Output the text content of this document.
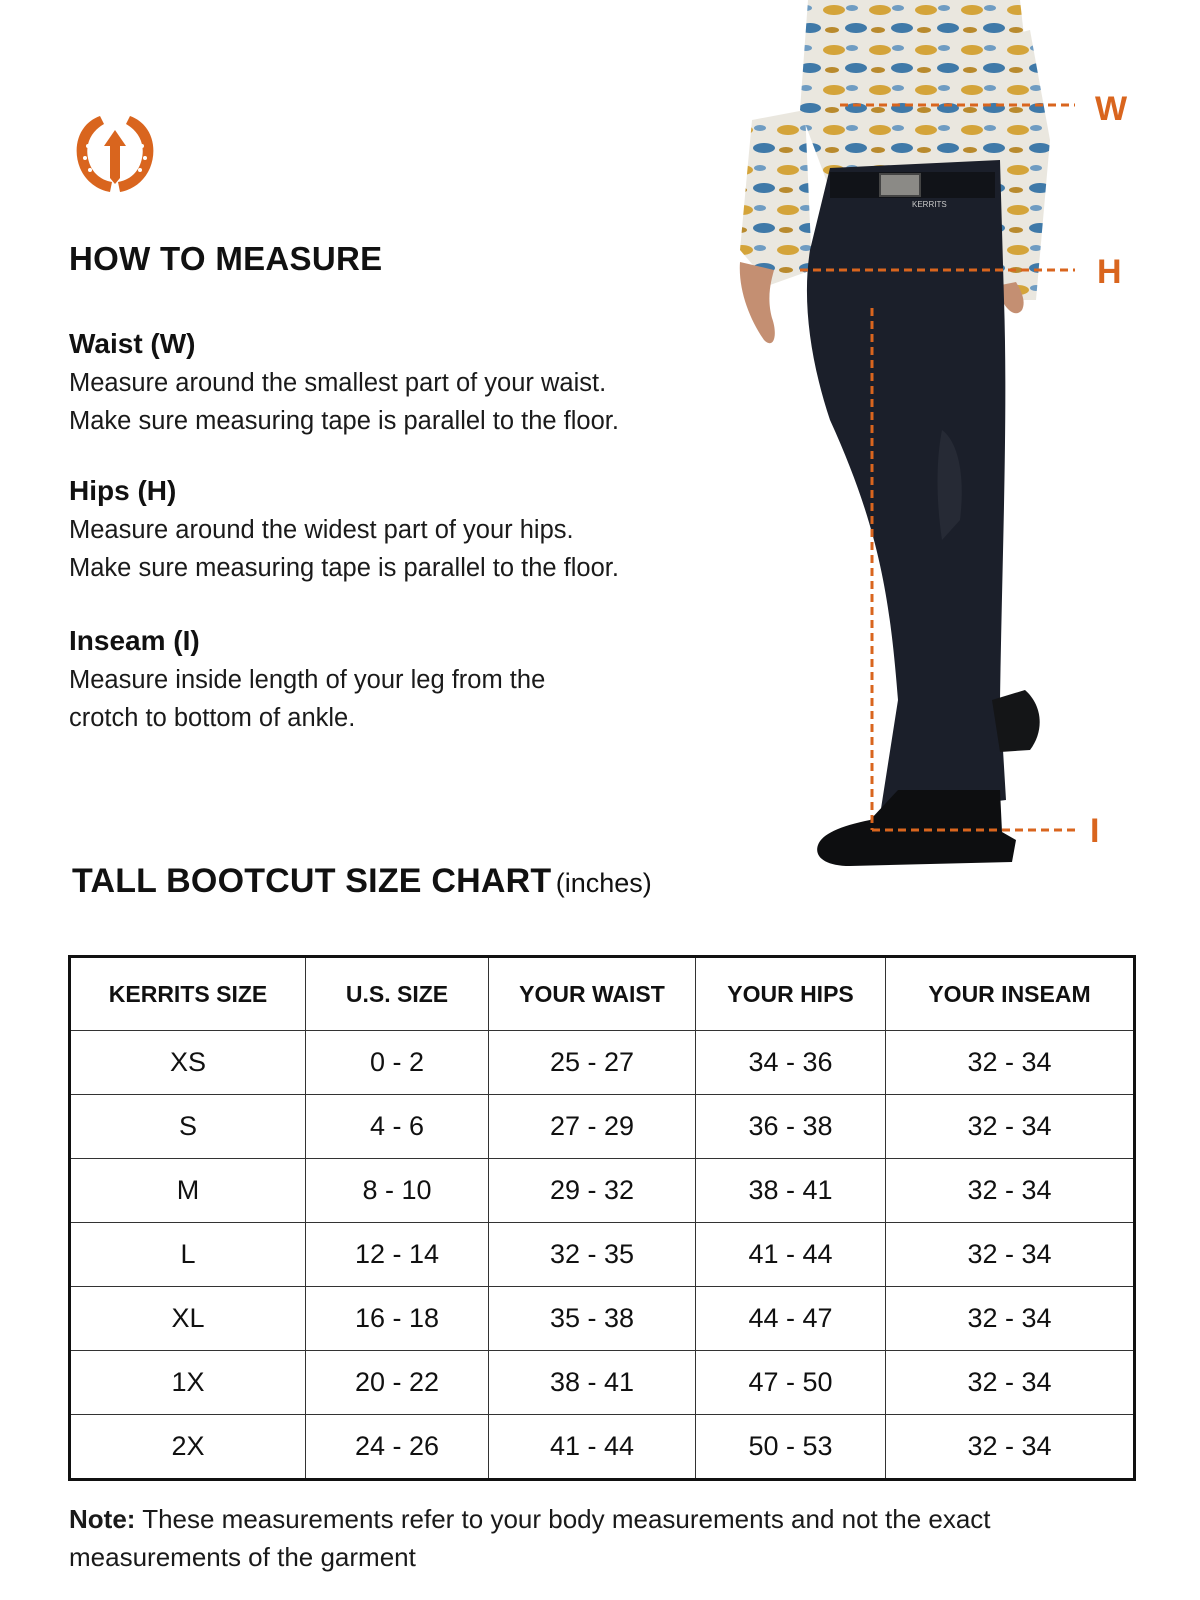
HOW TO MEASURE
Waist (W)

Measure around the smallest part of your waist.
Make sure measuring tape is parallel to the floor.

Hips (H)

Measure around the widest part of your hips.
Make sure measuring tape is parallel to the floor.

Inseam (I)

Measure inside length of your leg from the
crotch to bottom of ankle.

KERRITS
W
H
I
TALL BOOTCUT SIZE CHART (inches)
KERRITS SIZE	U.S. SIZE	YOUR WAIST	YOUR HIPS	YOUR INSEAM
XS	0 - 2	25 - 27	34 - 36	32 - 34
S	4 - 6	27 - 29	36 - 38	32 - 34
M	8 - 10	29 - 32	38 - 41	32 - 34
L	12 - 14	32 - 35	41 - 44	32 - 34
XL	16 - 18	35 - 38	44 - 47	32 - 34
1X	20 - 22	38 - 41	47 - 50	32 - 34
2X	24 - 26	41 - 44	50 - 53	32 - 34

Note: These measurements refer to your body measurements and not the exact measurements of the garment
